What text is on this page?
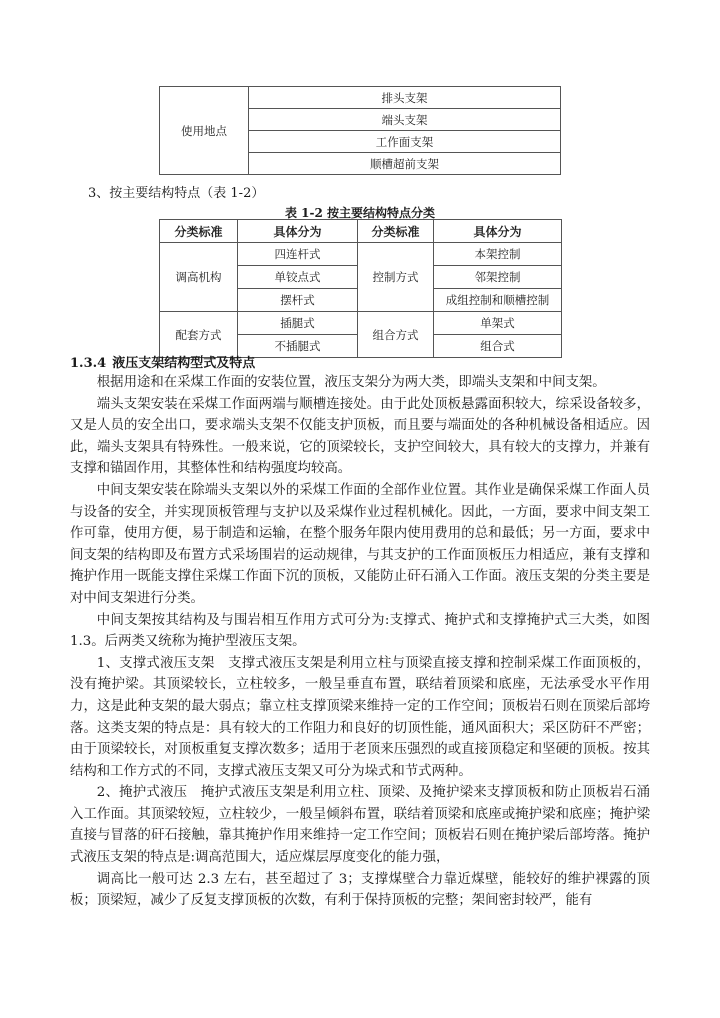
使用地点	排头支架
端头支架
工作面支架
顺槽超前支架
3、按主要结构特点（表 1-2）
表 1-2 按主要结构特点分类
分类标准	具体分为	分类标准	具体分为
调高机构	四连杆式	控制方式	本架控制
	单铰点式		邻架控制
	摆杆式		成组控制和顺槽控制
配套方式	插腿式	组合方式	单架式
	不插腿式		组合式
1.3.4 液压支架结构型式及特点

根据用途和在采煤工作面的安装位置，液压支架分为两大类，即端头支架和中间支架。

端头支架安装在采煤工作面两端与顺槽连接处。由于此处顶板悬露面积较大，综采设备较多，又是人员的安全出口，要求端头支架不仅能支护顶板，而且要与端面处的各种机械设备相适应。因此，端头支架具有特殊性。一般来说，它的顶梁较长，支护空间较大，具有较大的支撑力，并兼有支撑和锚固作用，其整体性和结构强度均较高。

中间支架安装在除端头支架以外的采煤工作面的全部作业位置。其作业是确保采煤工作面人员与设备的安全，并实现顶板管理与支护以及采煤作业过程机械化。因此，一方面，要求中间支架工作可靠，使用方便，易于制造和运输，在整个服务年限内使用费用的总和最低；另一方面，要求中间支架的结构即及布置方式采场围岩的运动规律，与其支护的工作面顶板压力相适应，兼有支撑和掩护作用一既能支撑住采煤工作面下沉的顶板，又能防止矸石涌入工作面。液压支架的分类主要是对中间支架进行分类。

中间支架按其结构及与围岩相互作用方式可分为:支撑式、掩护式和支撑掩护式三大类，如图 1.3。后两类又统称为掩护型液压支架。

1、支撑式液压支架　支撑式液压支架是利用立柱与顶梁直接支撑和控制采煤工作面顶板的，没有掩护梁。其顶梁较长，立柱较多，一般呈垂直布置，联结着顶梁和底座，无法承受水平作用力，这是此种支架的最大弱点；靠立柱支撑顶梁来维持一定的工作空间；顶板岩石则在顶梁后部垮落。这类支架的特点是：具有较大的工作阻力和良好的切顶性能，通风面积大；采区防矸不严密；由于顶梁较长，对顶板重复支撑次数多；适用于老顶来压强烈的或直接顶稳定和坚硬的顶板。按其结构和工作方式的不同，支撑式液压支架又可分为垛式和节式两种。

2、掩护式液压　掩护式液压支架是利用立柱、顶梁、及掩护梁来支撑顶板和防止顶板岩石涌入工作面。其顶梁较短，立柱较少，一般呈倾斜布置，联结着顶梁和底座或掩护梁和底座；掩护梁直接与冒落的矸石接触，靠其掩护作用来维持一定工作空间；顶板岩石则在掩护梁后部垮落。掩护式液压支架的特点是:调高范围大，适应煤层厚度变化的能力强，

调高比一般可达 2.3 左右，甚至超过了 3；支撑煤壁合力靠近煤壁，能较好的维护裸露的顶板；顶梁短，减少了反复支撑顶板的次数，有利于保持顶板的完整；架间密封较严，能有
